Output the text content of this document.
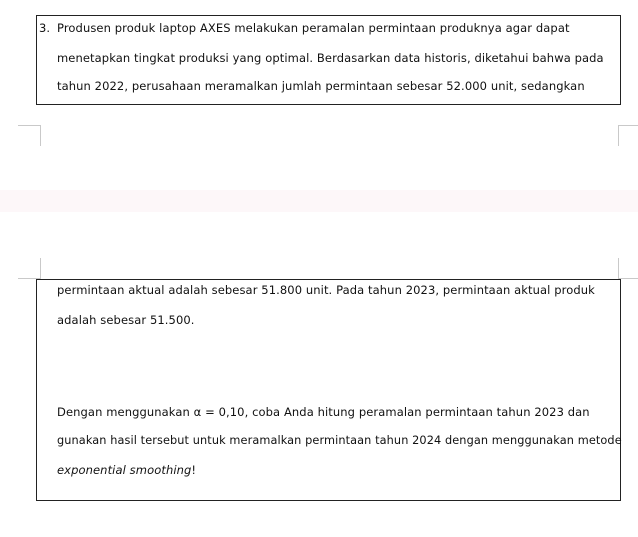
3. Produsen produk laptop AXES melakukan peramalan permintaan produknya agar dapat
menetapkan tingkat produksi yang optimal. Berdasarkan data historis, diketahui bahwa pada
tahun 2022, perusahaan meramalkan jumlah permintaan sebesar 52.000 unit, sedangkan
permintaan aktual adalah sebesar 51.800 unit. Pada tahun 2023, permintaan aktual produk
adalah sebesar 51.500.
Dengan menggunakan α = 0,10, coba Anda hitung peramalan permintaan tahun 2023 dan
gunakan hasil tersebut untuk meramalkan permintaan tahun 2024 dengan menggunakan metode
exponential smoothing!
